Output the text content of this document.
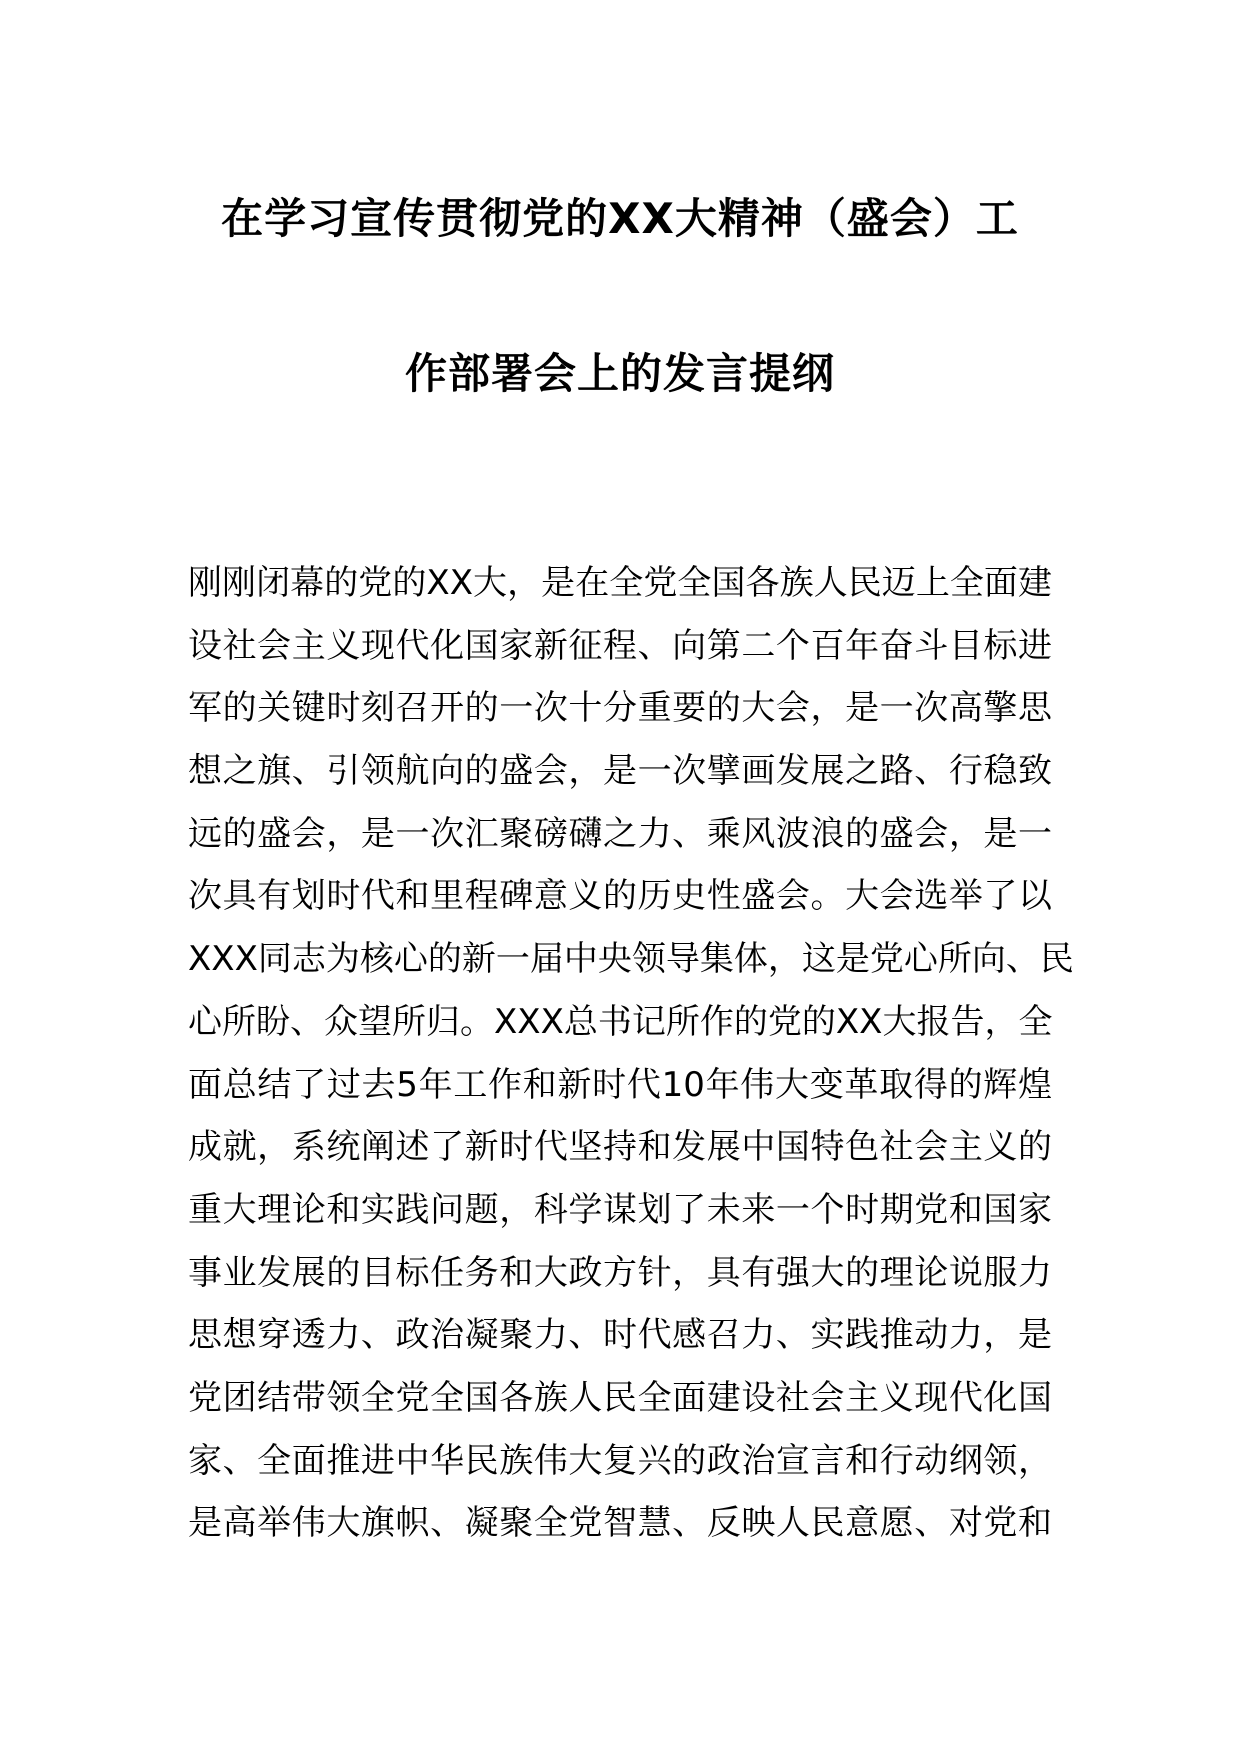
在学习宣传贯彻党的XX大精神（盛会）工
作部署会上的发言提纲
刚刚闭幕的党的XX大，是在全党全国各族人民迈上全面建
设社会主义现代化国家新征程、向第二个百年奋斗目标进
军的关键时刻召开的一次十分重要的大会，是一次高擎思
想之旗、引领航向的盛会，是一次擘画发展之路、行稳致
远的盛会，是一次汇聚磅礴之力、乘风波浪的盛会，是一
次具有划时代和里程碑意义的历史性盛会。大会选举了以
XXX同志为核心的新一届中央领导集体，这是党心所向、民
心所盼、众望所归。XXX总书记所作的党的XX大报告，全
面总结了过去5年工作和新时代10年伟大变革取得的辉煌
成就，系统阐述了新时代坚持和发展中国特色社会主义的
重大理论和实践问题，科学谋划了未来一个时期党和国家
事业发展的目标任务和大政方针，具有强大的理论说服力
思想穿透力、政治凝聚力、时代感召力、实践推动力，是
党团结带领全党全国各族人民全面建设社会主义现代化国
家、全面推进中华民族伟大复兴的政治宣言和行动纲领，
是高举伟大旗帜、凝聚全党智慧、反映人民意愿、对党和
